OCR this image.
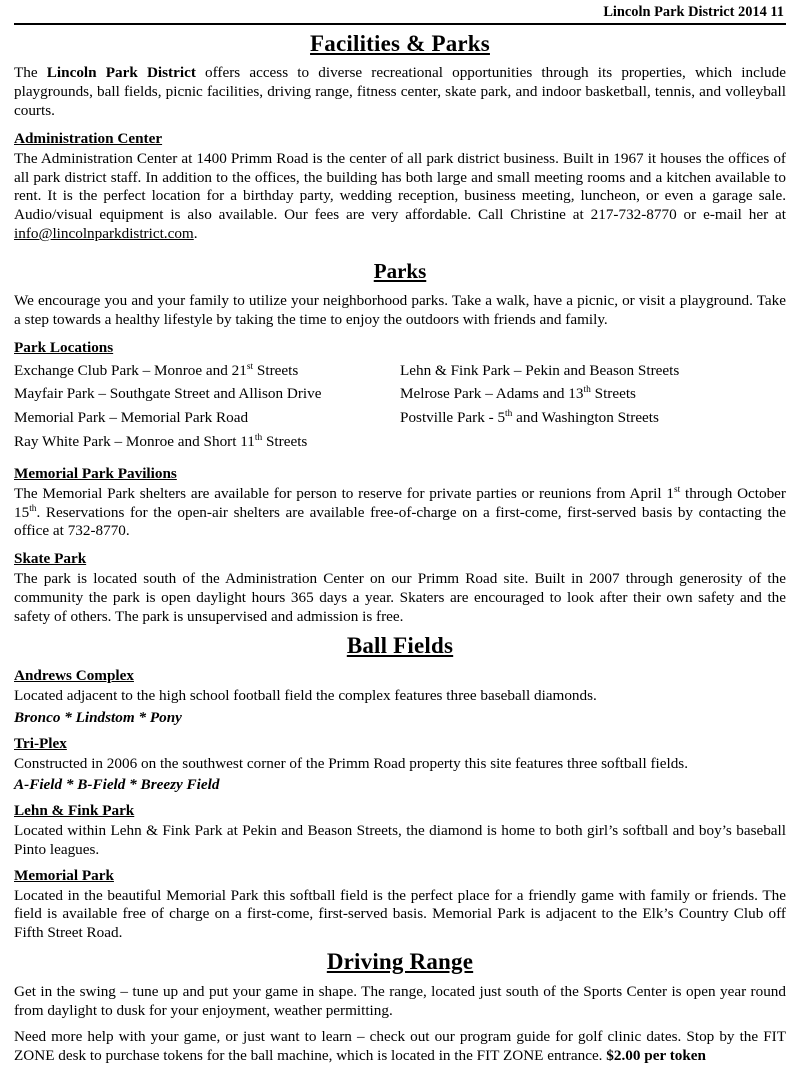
Lincoln Park District 2014 11
Facilities & Parks

The Lincoln Park District offers access to diverse recreational opportunities through its properties, which include playgrounds, ball fields, picnic facilities, driving range, fitness center, skate park, and indoor basketball, tennis, and volleyball courts.

Administration Center

The Administration Center at 1400 Primm Road is the center of all park district business. Built in 1967 it houses the offices of all park district staff. In addition to the offices, the building has both large and small meeting rooms and a kitchen available to rent. It is the perfect location for a birthday party, wedding reception, business meeting, luncheon, or even a garage sale. Audio/visual equipment is also available. Our fees are very affordable. Call Christine at 217-732-8770 or e-mail her at info@lincolnparkdistrict.com.

Parks

We encourage you and your family to utilize your neighborhood parks. Take a walk, have a picnic, or visit a playground. Take a step towards a healthy lifestyle by taking the time to enjoy the outdoors with friends and family.

Park Locations
Exchange Club Park – Monroe and 21st Streets	Lehn & Fink Park – Pekin and Beason Streets
Mayfair Park – Southgate Street and Allison Drive	Melrose Park – Adams and 13th Streets
Memorial Park – Memorial Park Road	Postville Park - 5th and Washington Streets
Ray White Park – Monroe and Short 11th Streets	
Memorial Park Pavilions

The Memorial Park shelters are available for person to reserve for private parties or reunions from April 1st through October 15th. Reservations for the open-air shelters are available free-of-charge on a first-come, first-served basis by contacting the office at 732-8770.

Skate Park

The park is located south of the Administration Center on our Primm Road site. Built in 2007 through generosity of the community the park is open daylight hours 365 days a year. Skaters are encouraged to look after their own safety and the safety of others. The park is unsupervised and admission is free.

Ball Fields
Andrews Complex

Located adjacent to the high school football field the complex features three baseball diamonds.

Bronco * Lindstom * Pony
Tri-Plex

Constructed in 2006 on the southwest corner of the Primm Road property this site features three softball fields.

A-Field * B-Field * Breezy Field
Lehn & Fink Park

Located within Lehn & Fink Park at Pekin and Beason Streets, the diamond is home to both girl’s softball and boy’s baseball Pinto leagues.

Memorial Park

Located in the beautiful Memorial Park this softball field is the perfect place for a friendly game with family or friends. The field is available free of charge on a first-come, first-served basis. Memorial Park is adjacent to the Elk’s Country Club off Fifth Street Road.

Driving Range

Get in the swing – tune up and put your game in shape. The range, located just south of the Sports Center is open year round from daylight to dusk for your enjoyment, weather permitting.

Need more help with your game, or just want to learn – check out our program guide for golf clinic dates. Stop by the FIT ZONE desk to purchase tokens for the ball machine, which is located in the FIT ZONE entrance. $2.00 per token
